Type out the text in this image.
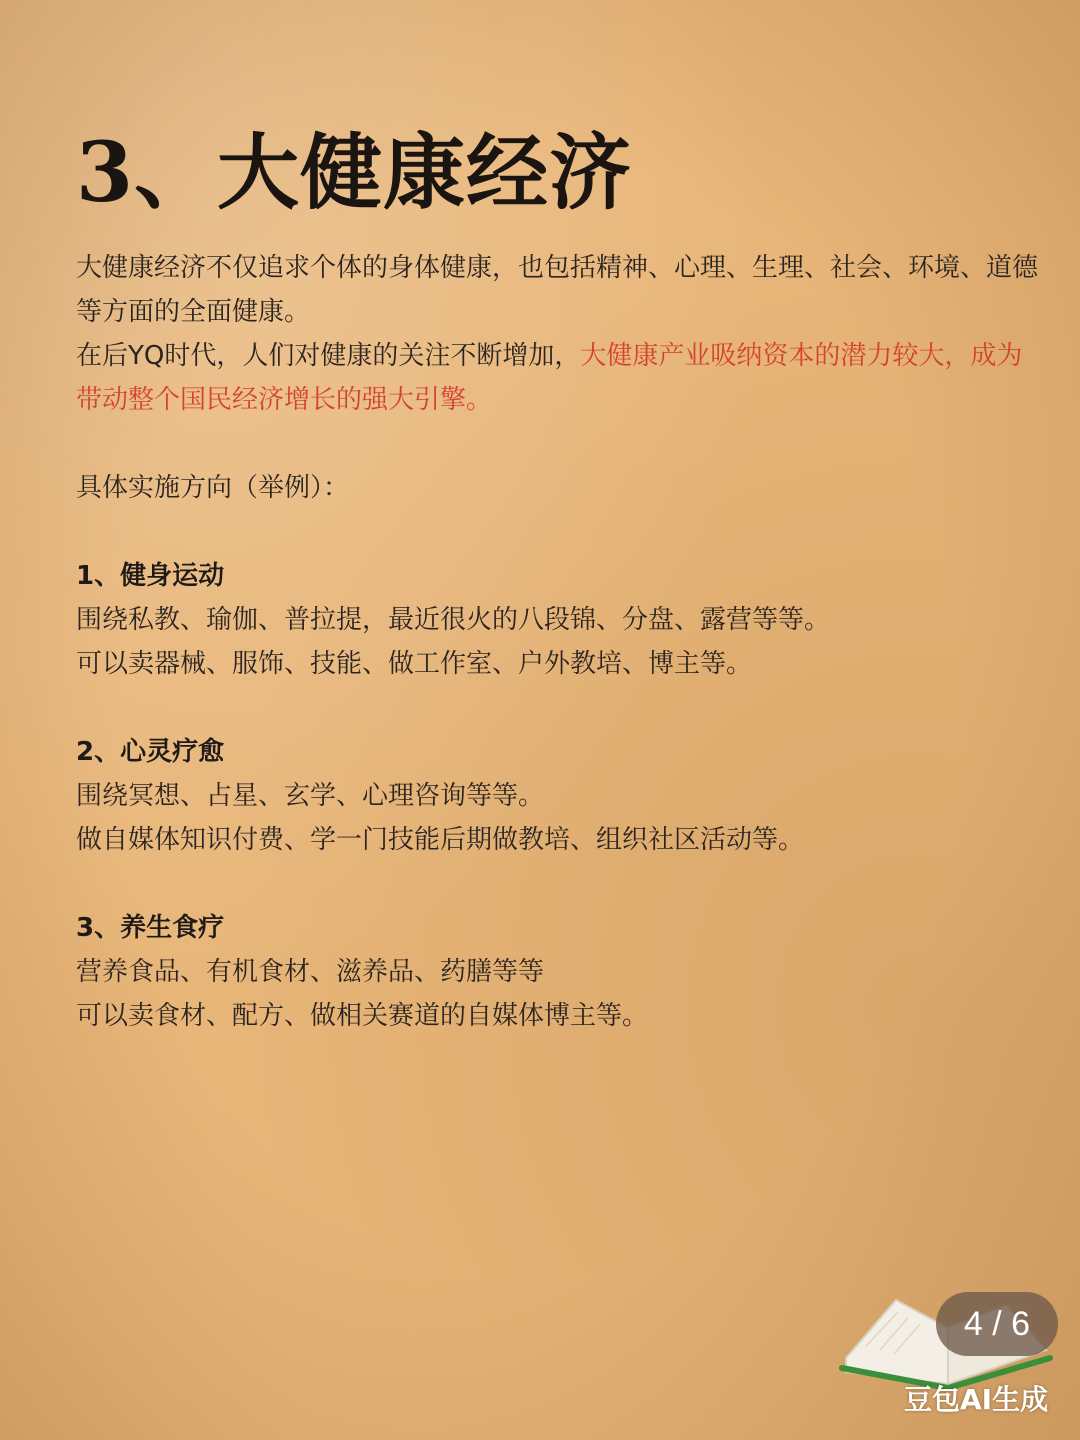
3、大健康经济

大健康经济不仅追求个体的身体健康，也包括精神、心理、生理、社会、环境、道德等方面的全面健康。

在后YQ时代，人们对健康的关注不断增加，大健康产业吸纳资本的潜力较大，成为带动整个国民经济增长的强大引擎。

具体实施方向（举例）：

1、健身运动

围绕私教、瑜伽、普拉提，最近很火的八段锦、分盘、露营等等。

可以卖器械、服饰、技能、做工作室、户外教培、博主等。

2、心灵疗愈

围绕冥想、占星、玄学、心理咨询等等。

做自媒体知识付费、学一门技能后期做教培、组织社区活动等。

3、养生食疗

营养食品、有机食材、滋养品、药膳等等

可以卖食材、配方、做相关赛道的自媒体博主等。

4 / 6
豆包AI生成
